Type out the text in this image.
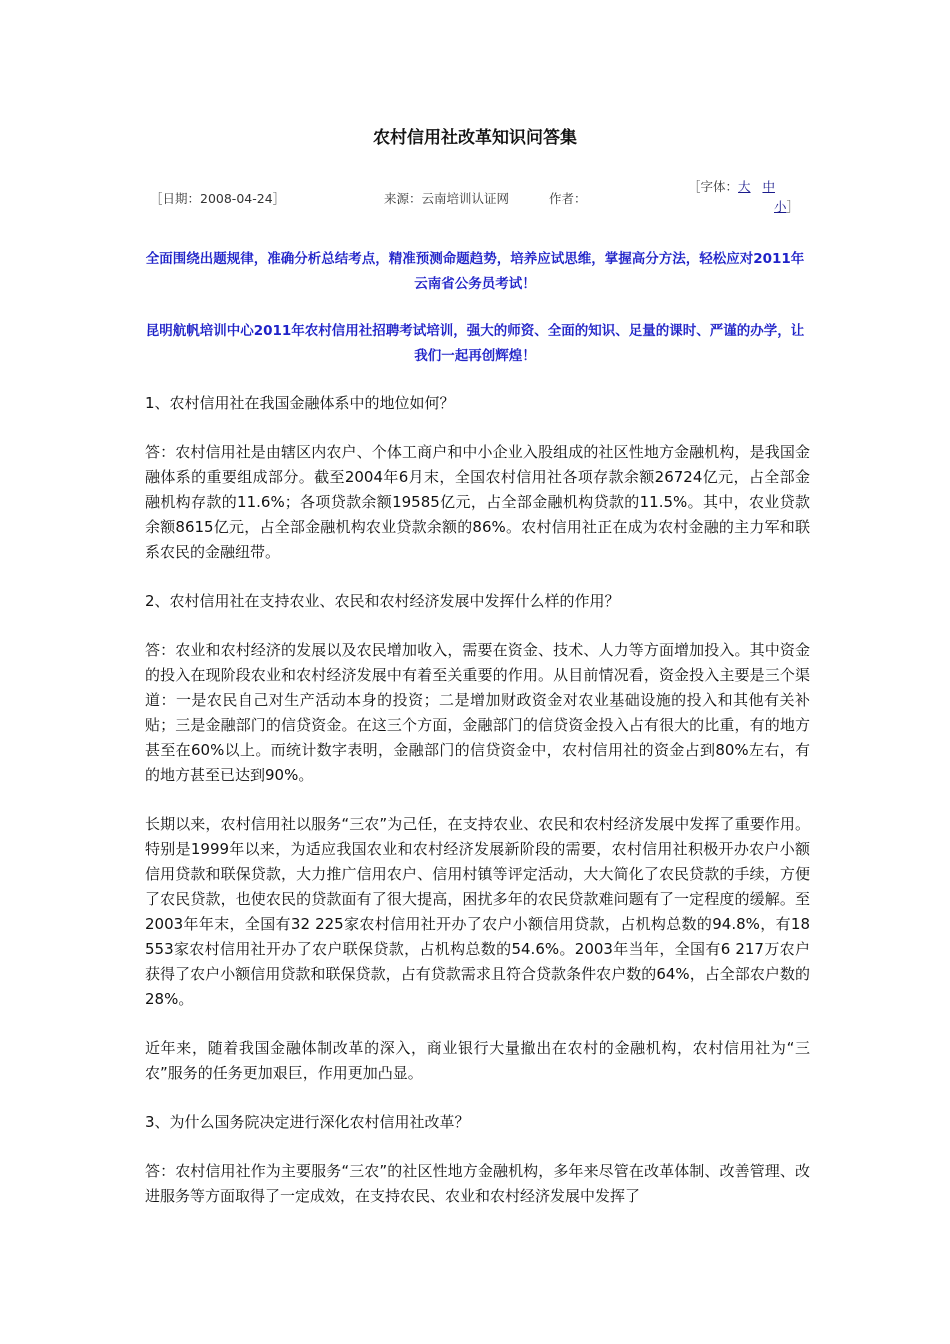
农村信用社改革知识问答集
［日期：2008-04-24］	来源：云南培训认证网	作者：
［字体：大 中
小］
全面围绕出题规律，准确分析总结考点，精准预测命题趋势，培养应试思维，掌握高分方法，轻松应对2011年云南省公务员考试！
昆明航帆培训中心2011年农村信用社招聘考试培训，强大的师资、全面的知识、足量的课时、严谨的办学，让我们一起再创辉煌！

1、农村信用社在我国金融体系中的地位如何？

答：农村信用社是由辖区内农户、个体工商户和中小企业入股组成的社区性地方金融机构，是我国金融体系的重要组成部分。截至2004年6月末，全国农村信用社各项存款余额26724亿元，占全部金融机构存款的11.6%；各项贷款余额19585亿元，占全部金融机构贷款的11.5%。其中，农业贷款余额8615亿元，占全部金融机构农业贷款余额的86%。农村信用社正在成为农村金融的主力军和联系农民的金融纽带。

2、农村信用社在支持农业、农民和农村经济发展中发挥什么样的作用？

答：农业和农村经济的发展以及农民增加收入，需要在资金、技术、人力等方面增加投入。其中资金的投入在现阶段农业和农村经济发展中有着至关重要的作用。从目前情况看，资金投入主要是三个渠道：一是农民自己对生产活动本身的投资；二是增加财政资金对农业基础设施的投入和其他有关补贴；三是金融部门的信贷资金。在这三个方面，金融部门的信贷资金投入占有很大的比重，有的地方甚至在60%以上。而统计数字表明，金融部门的信贷资金中，农村信用社的资金占到80%左右，有的地方甚至已达到90%。

长期以来，农村信用社以服务“三农”为己任，在支持农业、农民和农村经济发展中发挥了重要作用。特别是1999年以来，为适应我国农业和农村经济发展新阶段的需要，农村信用社积极开办农户小额信用贷款和联保贷款，大力推广信用农户、信用村镇等评定活动，大大简化了农民贷款的手续，方便了农民贷款，也使农民的贷款面有了很大提高，困扰多年的农民贷款难问题有了一定程度的缓解。至2003年年末，全国有32 225家农村信用社开办了农户小额信用贷款，占机构总数的94.8%，有18 553家农村信用社开办了农户联保贷款，占机构总数的54.6%。2003年当年，全国有6 217万农户获得了农户小额信用贷款和联保贷款，占有贷款需求且符合贷款条件农户数的64%，占全部农户数的28%。

近年来，随着我国金融体制改革的深入，商业银行大量撤出在农村的金融机构，农村信用社为“三农”服务的任务更加艰巨，作用更加凸显。

3、为什么国务院决定进行深化农村信用社改革？

答：农村信用社作为主要服务“三农”的社区性地方金融机构，多年来尽管在改革体制、改善管理、改进服务等方面取得了一定成效，在支持农民、农业和农村经济发展中发挥了
